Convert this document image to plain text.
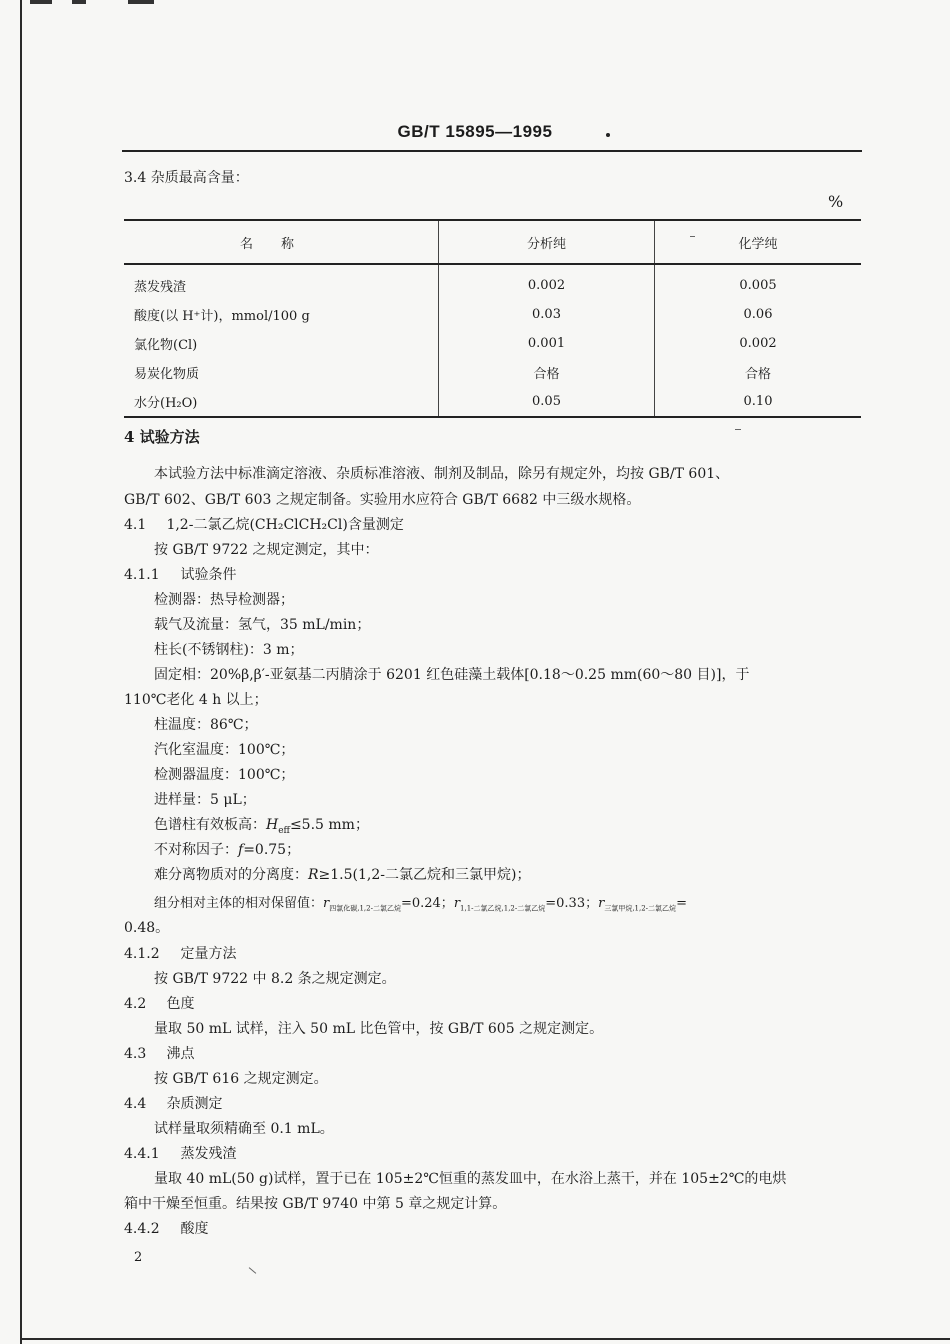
GB/T 15895—1995
3.4 杂质最高含量：
%
名称	分析纯	化学纯
蒸发残渣	0.002	0.005
酸度(以 H⁺计)，mmol/100 g	0.03	0.06
氯化物(Cl)	0.001	0.002
易炭化物质	合格	合格
水分(H₂O)	0.05	0.10
4 试验方法
本试验方法中标准滴定溶液、杂质标准溶液、制剂及制品，除另有规定外，均按 GB/T 601、
GB/T 602、GB/T 603 之规定制备。实验用水应符合 GB/T 6682 中三级水规格。
4.1 1,2-二氯乙烷(CH₂ClCH₂Cl)含量测定
按 GB/T 9722 之规定测定，其中：
4.1.1 试验条件
检测器：热导检测器；
载气及流量：氢气，35 mL/min；
柱长(不锈钢柱)：3 m；
固定相：20%β,β′-亚氨基二丙腈涂于 6201 红色硅藻土载体[0.18～0.25 mm(60～80 目)]，于
110℃老化 4 h 以上；
柱温度：86℃；
汽化室温度：100℃；
检测器温度：100℃；
进样量：5 μL；
色谱柱有效板高：$H_{eff}\le 5.5$ mm；
不对称因子：f=0.75；
难分离物质对的分离度：R≥1.5(1,2-二氯乙烷和三氯甲烷)；
组分相对主体的相对保留值：$r_{四氯化碳,1,2-二氯乙烷}=0.24$；$r_{1,1-二氯乙烷,1,2-二氯乙烷}=0.33$；$r_{三氯甲烷,1,2-二氯乙烷}=$
0.48。
4.1.2 定量方法
按 GB/T 9722 中 8.2 条之规定测定。
4.2 色度
量取 50 mL 试样，注入 50 mL 比色管中，按 GB/T 605 之规定测定。
4.3 沸点
按 GB/T 616 之规定测定。
4.4 杂质测定
试样量取须精确至 0.1 mL。
4.4.1 蒸发残渣
量取 40 mL(50 g)试样，置于已在 105±2℃恒重的蒸发皿中，在水浴上蒸干，并在 105±2℃的电烘
箱中干燥至恒重。结果按 GB/T 9740 中第 5 章之规定计算。
4.4.2 酸度
2
